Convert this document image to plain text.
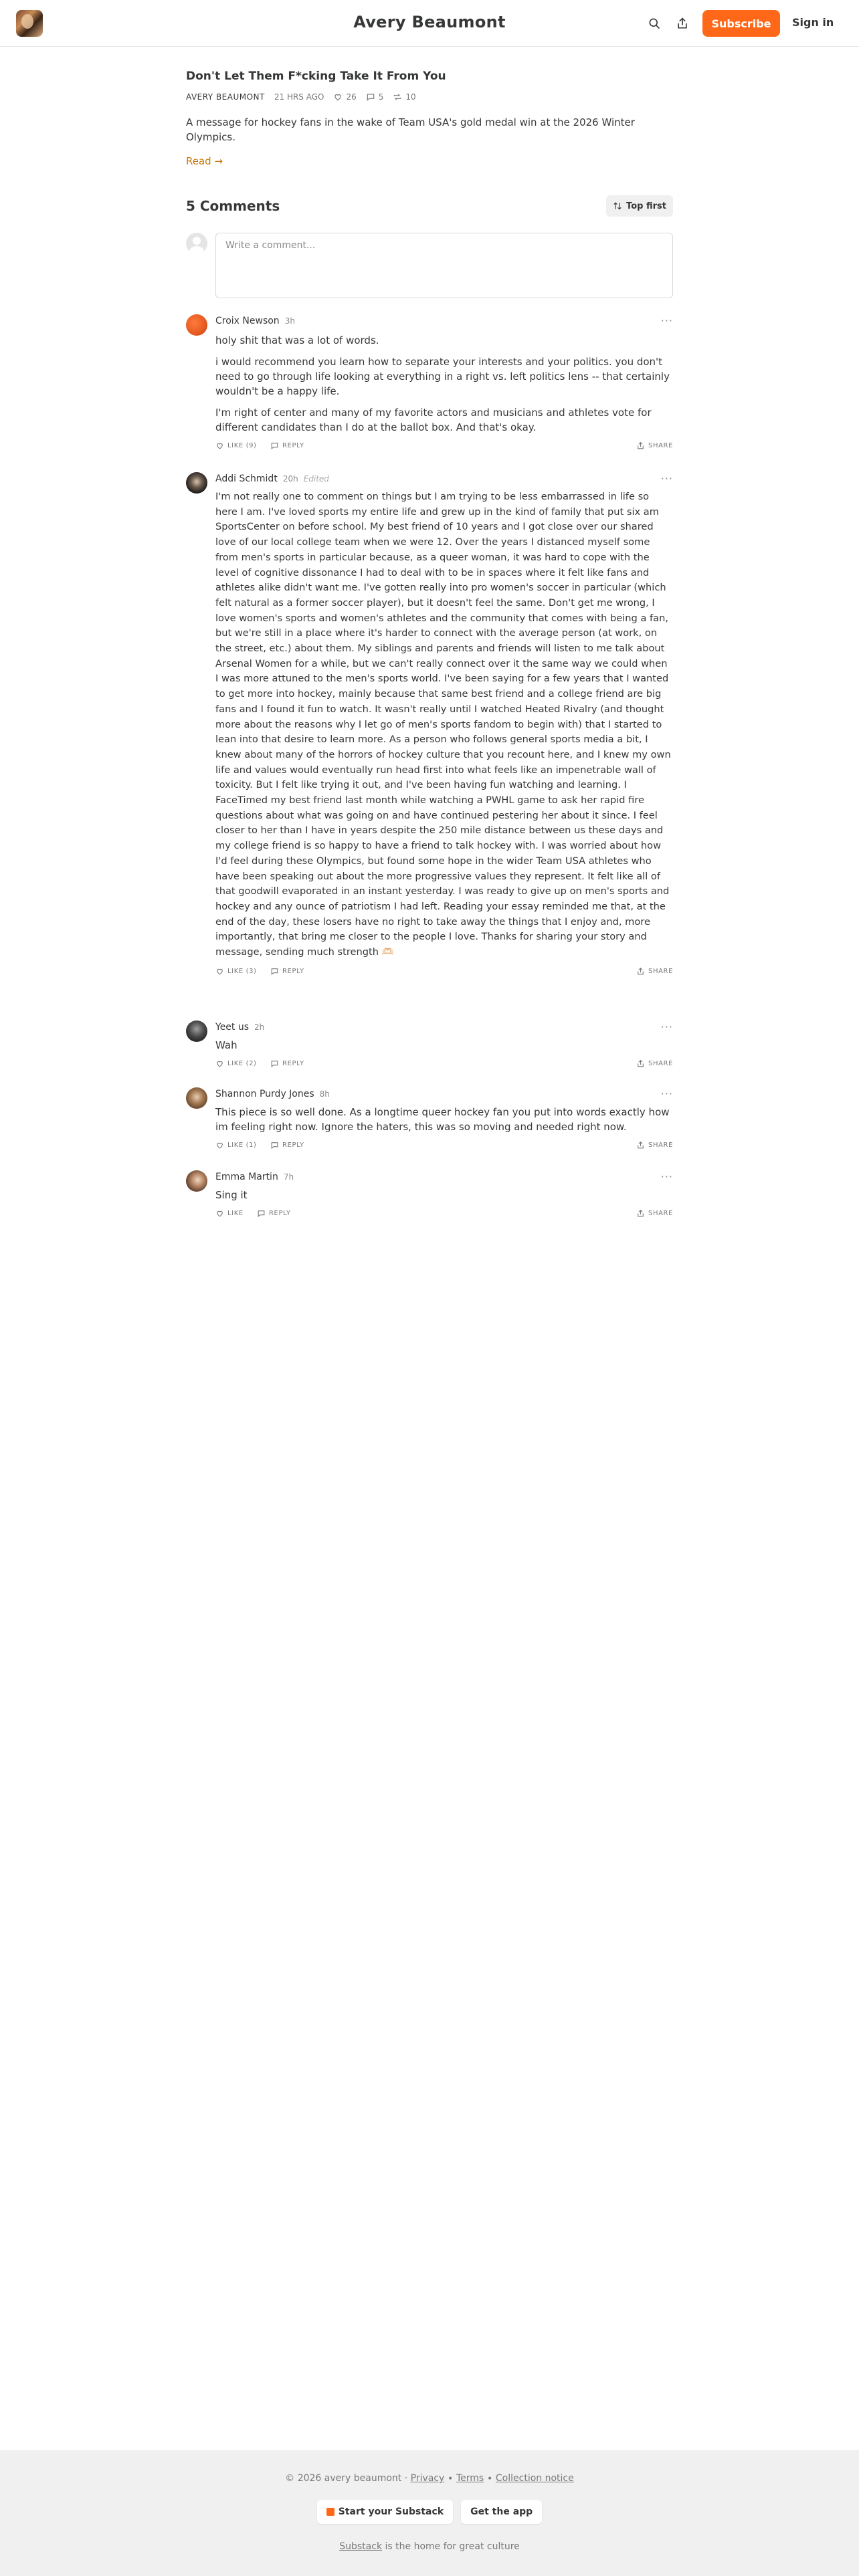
Avery Beaumont	Subscribe	Sign in
Don't Let Them F*cking Take It From You
AVERY BEAUMONT 21 HRS AGO	26	5	10
A message for hockey fans in the wake of Team USA's gold medal win at the 2026 Winter Olympics.
Read →
5 Comments	Top first
Write a comment...
Croix Newson 3h	···

holy shit that was a lot of words.

i would recommend you learn how to separate your interests and your politics. you don't need to go through life looking at everything in a right vs. left politics lens -- that certainly wouldn't be a happy life.

I'm right of center and many of my favorite actors and musicians and athletes vote for different candidates than I do at the ballot box. And that's okay.

LIKE (9)	REPLY	SHARE
Addi Schmidt 20h Edited	···

I'm not really one to comment on things but I am trying to be less embarrassed in life so here I am. I've loved sports my entire life and grew up in the kind of family that put six am SportsCenter on before school. My best friend of 10 years and I got close over our shared love of our local college team when we were 12. Over the years I distanced myself some from men's sports in particular because, as a queer woman, it was hard to cope with the level of cognitive dissonance I had to deal with to be in spaces where it felt like fans and athletes alike didn't want me. I've gotten really into pro women's soccer in particular (which felt natural as a former soccer player), but it doesn't feel the same. Don't get me wrong, I love women's sports and women's athletes and the community that comes with being a fan, but we're still in a place where it's harder to connect with the average person (at work, on the street, etc.) about them. My siblings and parents and friends will listen to me talk about Arsenal Women for a while, but we can't really connect over it the same way we could when I was more attuned to the men's sports world. I've been saying for a few years that I wanted to get more into hockey, mainly because that same best friend and a college friend are big fans and I found it fun to watch. It wasn't really until I watched Heated Rivalry (and thought more about the reasons why I let go of men's sports fandom to begin with) that I started to lean into that desire to learn more. As a person who follows general sports media a bit, I knew about many of the horrors of hockey culture that you recount here, and I knew my own life and values would eventually run head first into what feels like an impenetrable wall of toxicity. But I felt like trying it out, and I've been having fun watching and learning. I FaceTimed my best friend last month while watching a PWHL game to ask her rapid fire questions about what was going on and have continued pestering her about it since. I feel closer to her than I have in years despite the 250 mile distance between us these days and my college friend is so happy to have a friend to talk hockey with. I was worried about how I'd feel during these Olympics, but found some hope in the wider Team USA athletes who have been speaking out about the more progressive values they represent. It felt like all of that goodwill evaporated in an instant yesterday. I was ready to give up on men's sports and hockey and any ounce of patriotism I had left. Reading your essay reminded me that, at the end of the day, these losers have no right to take away the things that I enjoy and, more importantly, that bring me closer to the people I love. Thanks for sharing your story and message, sending much strength 🫶🏻

LIKE (3)	REPLY	SHARE
Yeet us 2h	···

Wah

LIKE (2)	REPLY	SHARE
Shannon Purdy Jones 8h	···

This piece is so well done. As a longtime queer hockey fan you put into words exactly how im feeling right now. Ignore the haters, this was so moving and needed right now.

LIKE (1)	REPLY	SHARE
Emma Martin 7h	···

Sing it

LIKE	REPLY	SHARE
© 2026 avery beaumont · Privacy ∙ Terms ∙ Collection notice
Start your Substack	Get the app
Substack is the home for great culture
